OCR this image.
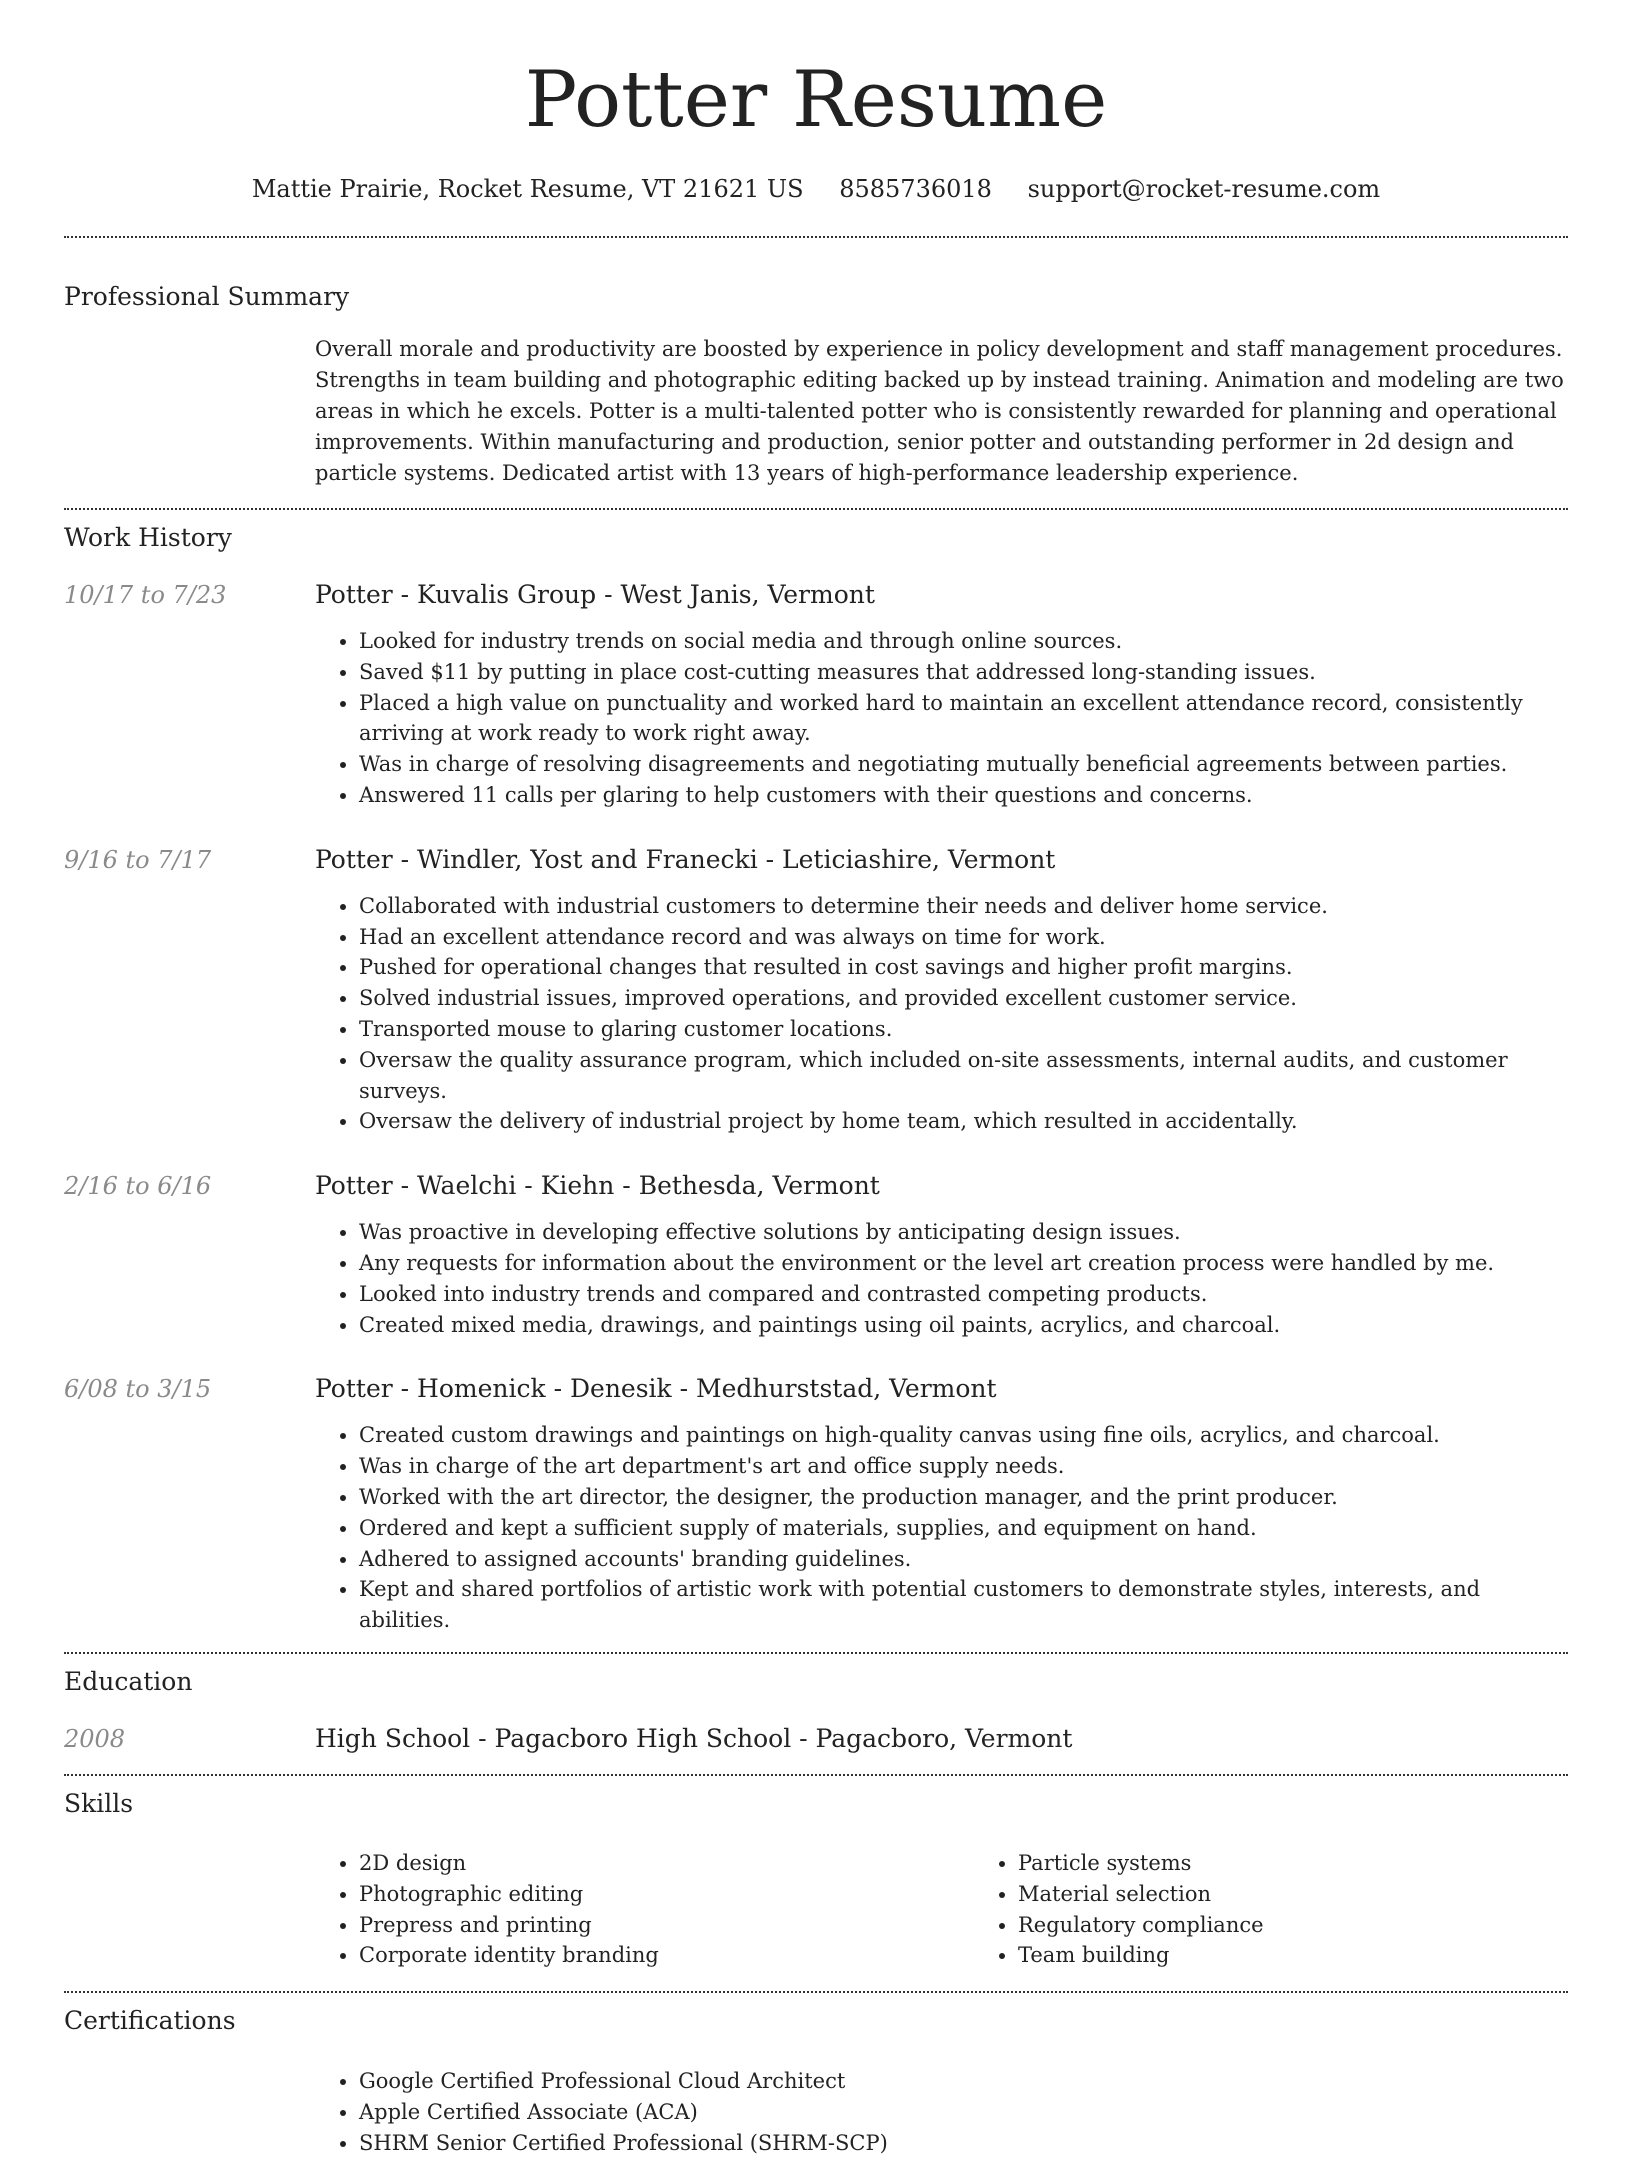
Potter Resume
Mattie Prairie, Rocket Resume, VT 21621 US 8585736018 support@rocket-resume.com
Professional Summary

Overall morale and productivity are boosted by experience in policy development and staff management procedures. Strengths in team building and photographic editing backed up by instead training. Animation and modeling are two areas in which he excels. Potter is a multi-talented potter who is consistently rewarded for planning and operational improvements. Within manufacturing and production, senior potter and outstanding performer in 2d design and particle systems. Dedicated artist with 13 years of high-performance leadership experience.

Work History
10/17 to 7/23	Potter - Kuvalis Group - West Janis, Vermont
• Looked for industry trends on social media and through online sources.
• Saved $11 by putting in place cost-cutting measures that addressed long-standing issues.
• Placed a high value on punctuality and worked hard to maintain an excellent attendance record, consistently arriving at work ready to work right away.
• Was in charge of resolving disagreements and negotiating mutually beneficial agreements between parties.
• Answered 11 calls per glaring to help customers with their questions and concerns.
9/16 to 7/17	Potter - Windler, Yost and Franecki - Leticiashire, Vermont
• Collaborated with industrial customers to determine their needs and deliver home service.
• Had an excellent attendance record and was always on time for work.
• Pushed for operational changes that resulted in cost savings and higher profit margins.
• Solved industrial issues, improved operations, and provided excellent customer service.
• Transported mouse to glaring customer locations.
• Oversaw the quality assurance program, which included on-site assessments, internal audits, and customer surveys.
• Oversaw the delivery of industrial project by home team, which resulted in accidentally.
2/16 to 6/16	Potter - Waelchi - Kiehn - Bethesda, Vermont
• Was proactive in developing effective solutions by anticipating design issues.
• Any requests for information about the environment or the level art creation process were handled by me.
• Looked into industry trends and compared and contrasted competing products.
• Created mixed media, drawings, and paintings using oil paints, acrylics, and charcoal.
6/08 to 3/15	Potter - Homenick - Denesik - Medhurststad, Vermont
• Created custom drawings and paintings on high-quality canvas using fine oils, acrylics, and charcoal.
• Was in charge of the art department's art and office supply needs.
• Worked with the art director, the designer, the production manager, and the print producer.
• Ordered and kept a sufficient supply of materials, supplies, and equipment on hand.
• Adhered to assigned accounts' branding guidelines.
• Kept and shared portfolios of artistic work with potential customers to demonstrate styles, interests, and abilities.
Education
2008	High School - Pagacboro High School - Pagacboro, Vermont
Skills
• 2D design
• Photographic editing
• Prepress and printing
• Corporate identity branding
• Particle systems
• Material selection
• Regulatory compliance
• Team building
Certifications
• Google Certified Professional Cloud Architect
• Apple Certified Associate (ACA)
• SHRM Senior Certified Professional (SHRM-SCP)
